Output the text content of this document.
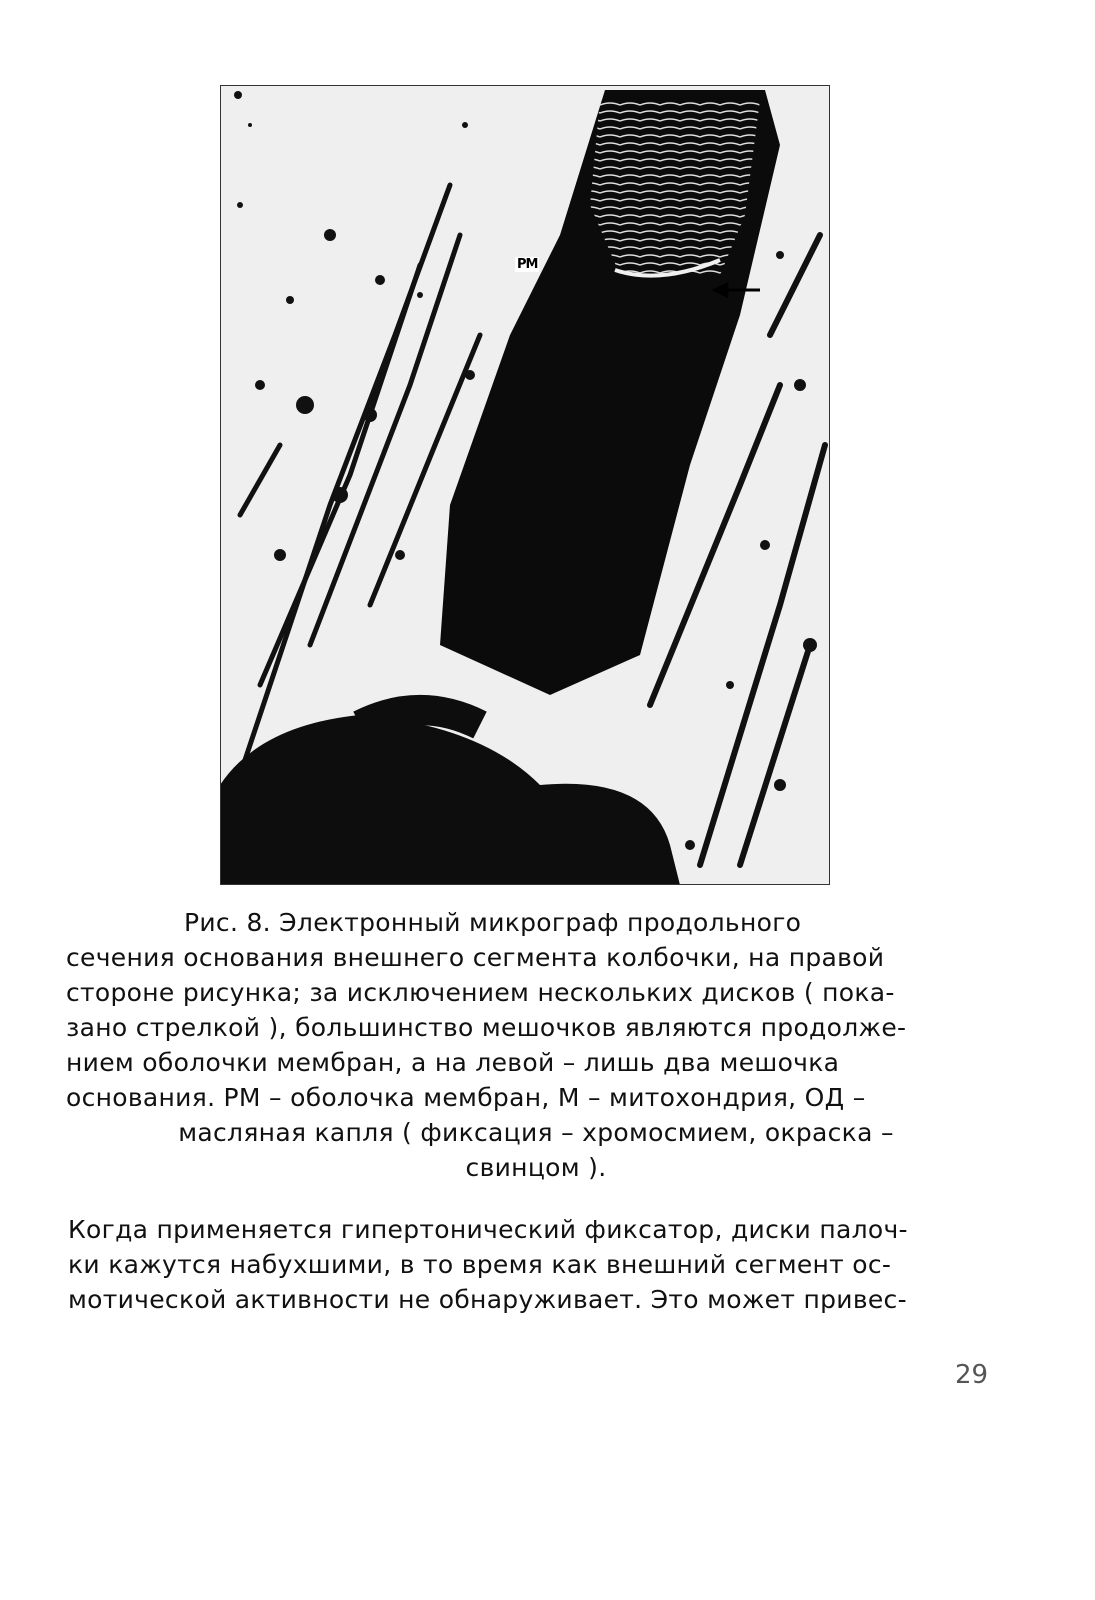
РМ

Рис. 8. Электронный микрограф продольного

сечения основания внешнего сегмента колбочки, на правой

стороне рисунка; за исключением нескольких дисков ( пока-

зано стрелкой ), большинство мешочков являются продолже-

нием оболочки мембран, а на левой – лишь два мешочка

основания. РМ – оболочка мембран, М – митохондрия, ОД –

масляная капля ( фиксация – хромосмием, окраска –

свинцом ).

Когда применяется гипертонический фиксатор, диски палоч-

ки кажутся набухшими, в то время как внешний сегмент ос-

мотической активности не обнаруживает. Это может привес-

29
